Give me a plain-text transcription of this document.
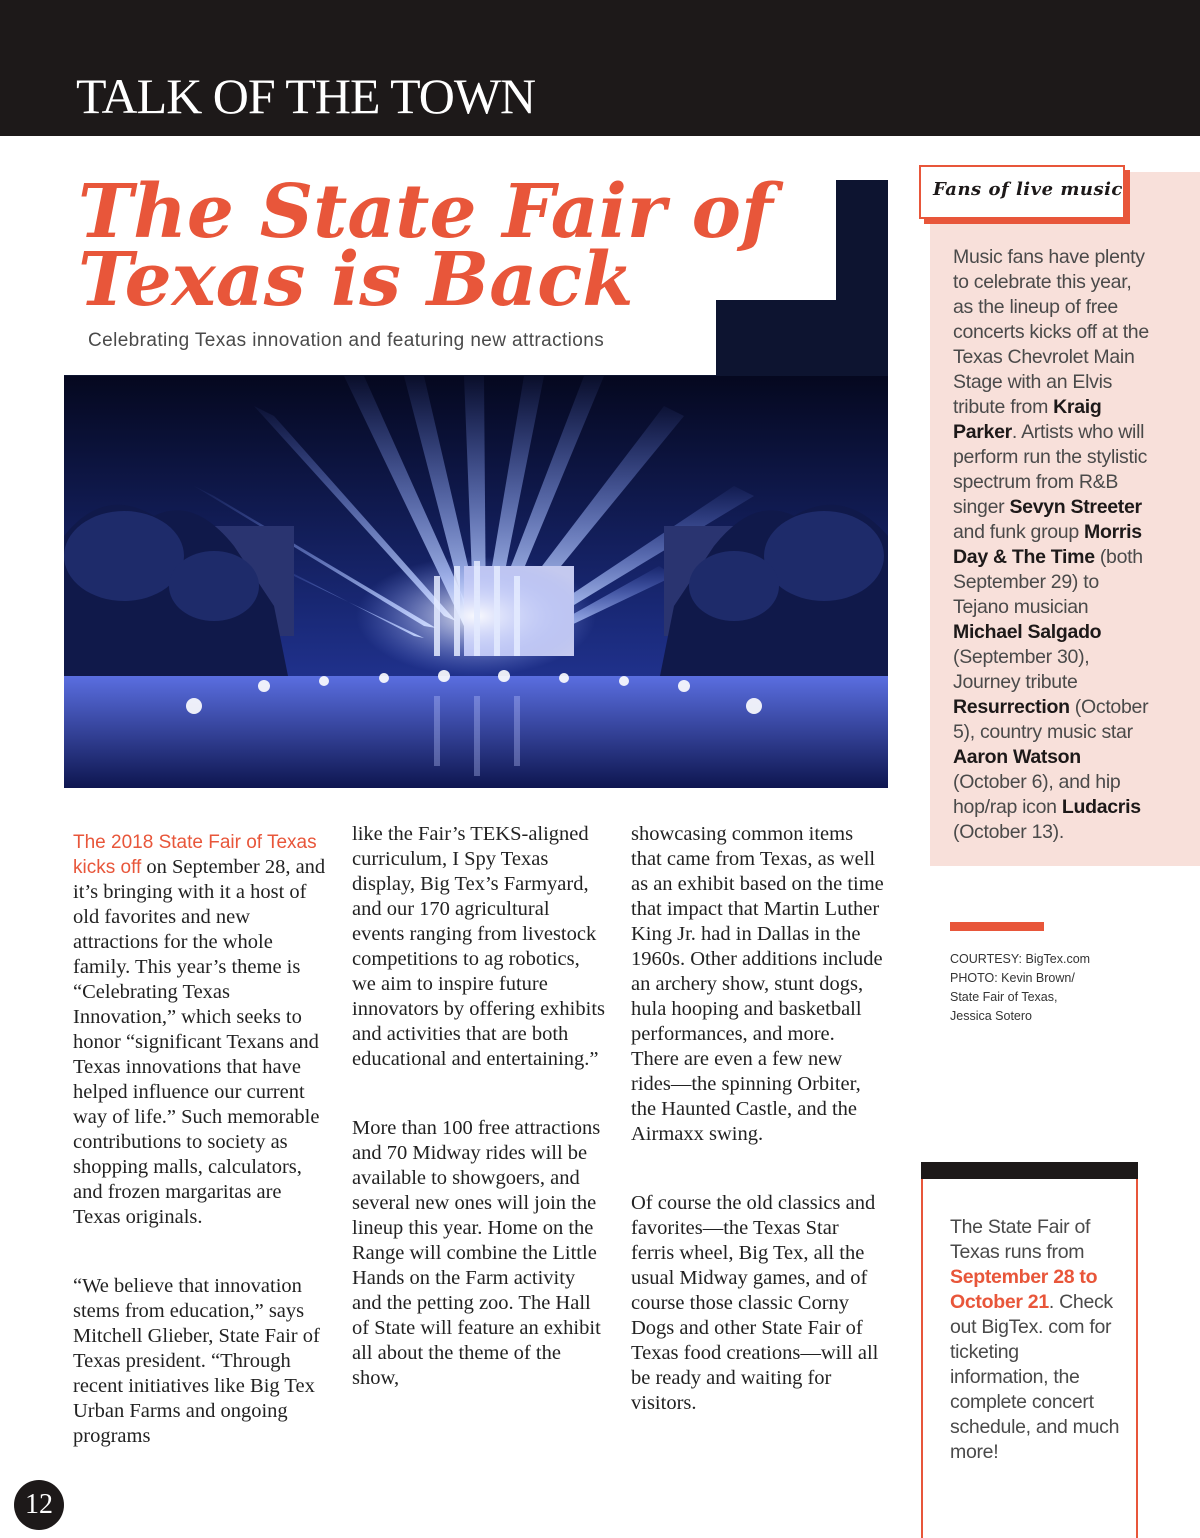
TALK OF THE TOWN
The State Fair of
Texas is Back
Celebrating Texas innovation and featuring new attractions

The 2018 State Fair of Texas kicks off on September 28, and it’s bringing with it a host of old favorites and new attractions for the whole family. This year’s theme is “Celebrating Texas Innovation,” which seeks to honor “significant Texans and Texas innovations that have helped influence our current way of life.” Such memorable contributions to society as shopping malls, calculators, and frozen margaritas are Texas originals.

“We believe that innovation stems from education,” says Mitchell Glieber, State Fair of Texas president. “Through recent initiatives like Big Tex Urban Farms and ongoing programs

like the Fair’s TEKS-aligned curriculum, I Spy Texas display, Big Tex’s Farmyard, and our 170 agricultural events ranging from livestock competitions to ag robotics, we aim to inspire future innovators by offering exhibits and activities that are both educational and entertaining.”

More than 100 free attractions and 70 Midway rides will be available to showgoers, and several new ones will join the lineup this year. Home on the Range will combine the Little Hands on the Farm activity and the petting zoo. The Hall of State will feature an exhibit all about the theme of the show,

showcasing common items that came from Texas, as well as an exhibit based on the time that impact that Martin Luther King Jr. had in Dallas in the 1960s. Other additions include an archery show, stunt dogs, hula hooping and basketball performances, and more. There are even a few new rides—the spinning Orbiter, the Haunted Castle, and the Airmaxx swing.

Of course the old classics and favorites—the Texas Star ferris wheel, Big Tex, all the usual Midway games, and of course those classic Corny Dogs and other State Fair of Texas food creations—will all be ready and waiting for visitors.

Fans of live music
Music fans have plenty to celebrate this year, as the lineup of free concerts kicks off at the Texas Chevrolet Main Stage with an Elvis tribute from Kraig Parker. Artists who will perform run the stylistic spectrum from R&B singer Sevyn Streeter and funk group Morris Day & The Time (both September 29) to Tejano musician Michael Salgado (September 30), Journey tribute Resurrection (October 5), country music star Aaron Watson (October 6), and hip hop/rap icon Ludacris (October 13).
COURTESY: BigTex.com
PHOTO: Kevin Brown/
State Fair of Texas,
Jessica Sotero
The State Fair of Texas runs from September 28 to October 21. Check out BigTex. com for ticketing information, the complete concert schedule, and much more!
12
